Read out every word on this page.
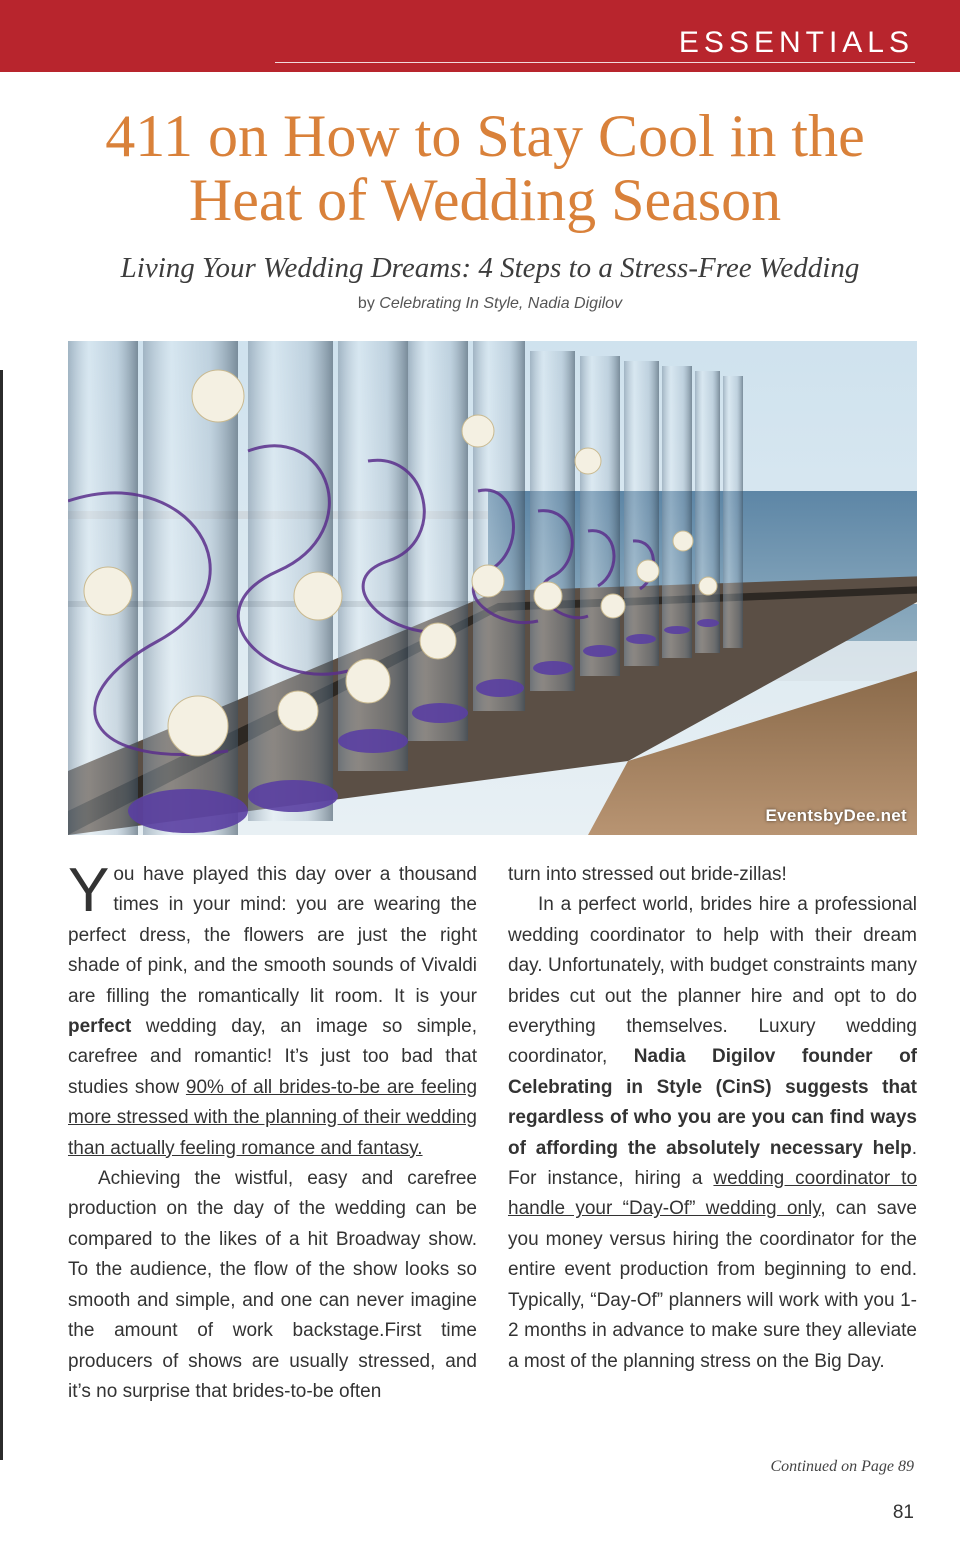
ESSENTIALS
411 on How to Stay Cool in the
Heat of Wedding Season
Living Your Wedding Dreams: 4 Steps to a Stress-Free Wedding
by Celebrating In Style, Nadia Digilov
EventsbyDee.net

You have played this day over a thousand times in your mind: you are wearing the perfect dress, the flowers are just the right shade of pink, and the smooth sounds of Vivaldi are filling the romantically lit room. It is your perfect wedding day, an image so simple, carefree and romantic! It’s just too bad that studies show 90% of all brides-to-be are feeling more stressed with the planning of their wedding than actually feeling romance and fantasy.

Achieving the wistful, easy and carefree production on the day of the wedding can be compared to the likes of a hit Broadway show. To the audience, the flow of the show looks so smooth and simple, and one can never imagine the amount of work backstage.First time producers of shows are usually stressed, and it’s no surprise that brides-to-be often

turn into stressed out bride-zillas!

In a perfect world, brides hire a professional wedding coordinator to help with their dream day. Unfortunately, with budget constraints many brides cut out the planner hire and opt to do everything themselves. Luxury wedding coordinator, Nadia Digilov founder of Celebrating in Style (CinS) suggests that regardless of who you are you can find ways of affording the absolutely necessary help. For instance, hiring a wedding coordinator to handle your “Day-Of” wedding only, can save you money versus hiring the coordinator for the entire event production from beginning to end. Typically, “Day-Of” planners will work with you 1-2 months in advance to make sure they alleviate a most of the planning stress on the Big Day.

Continued on Page 89
81
